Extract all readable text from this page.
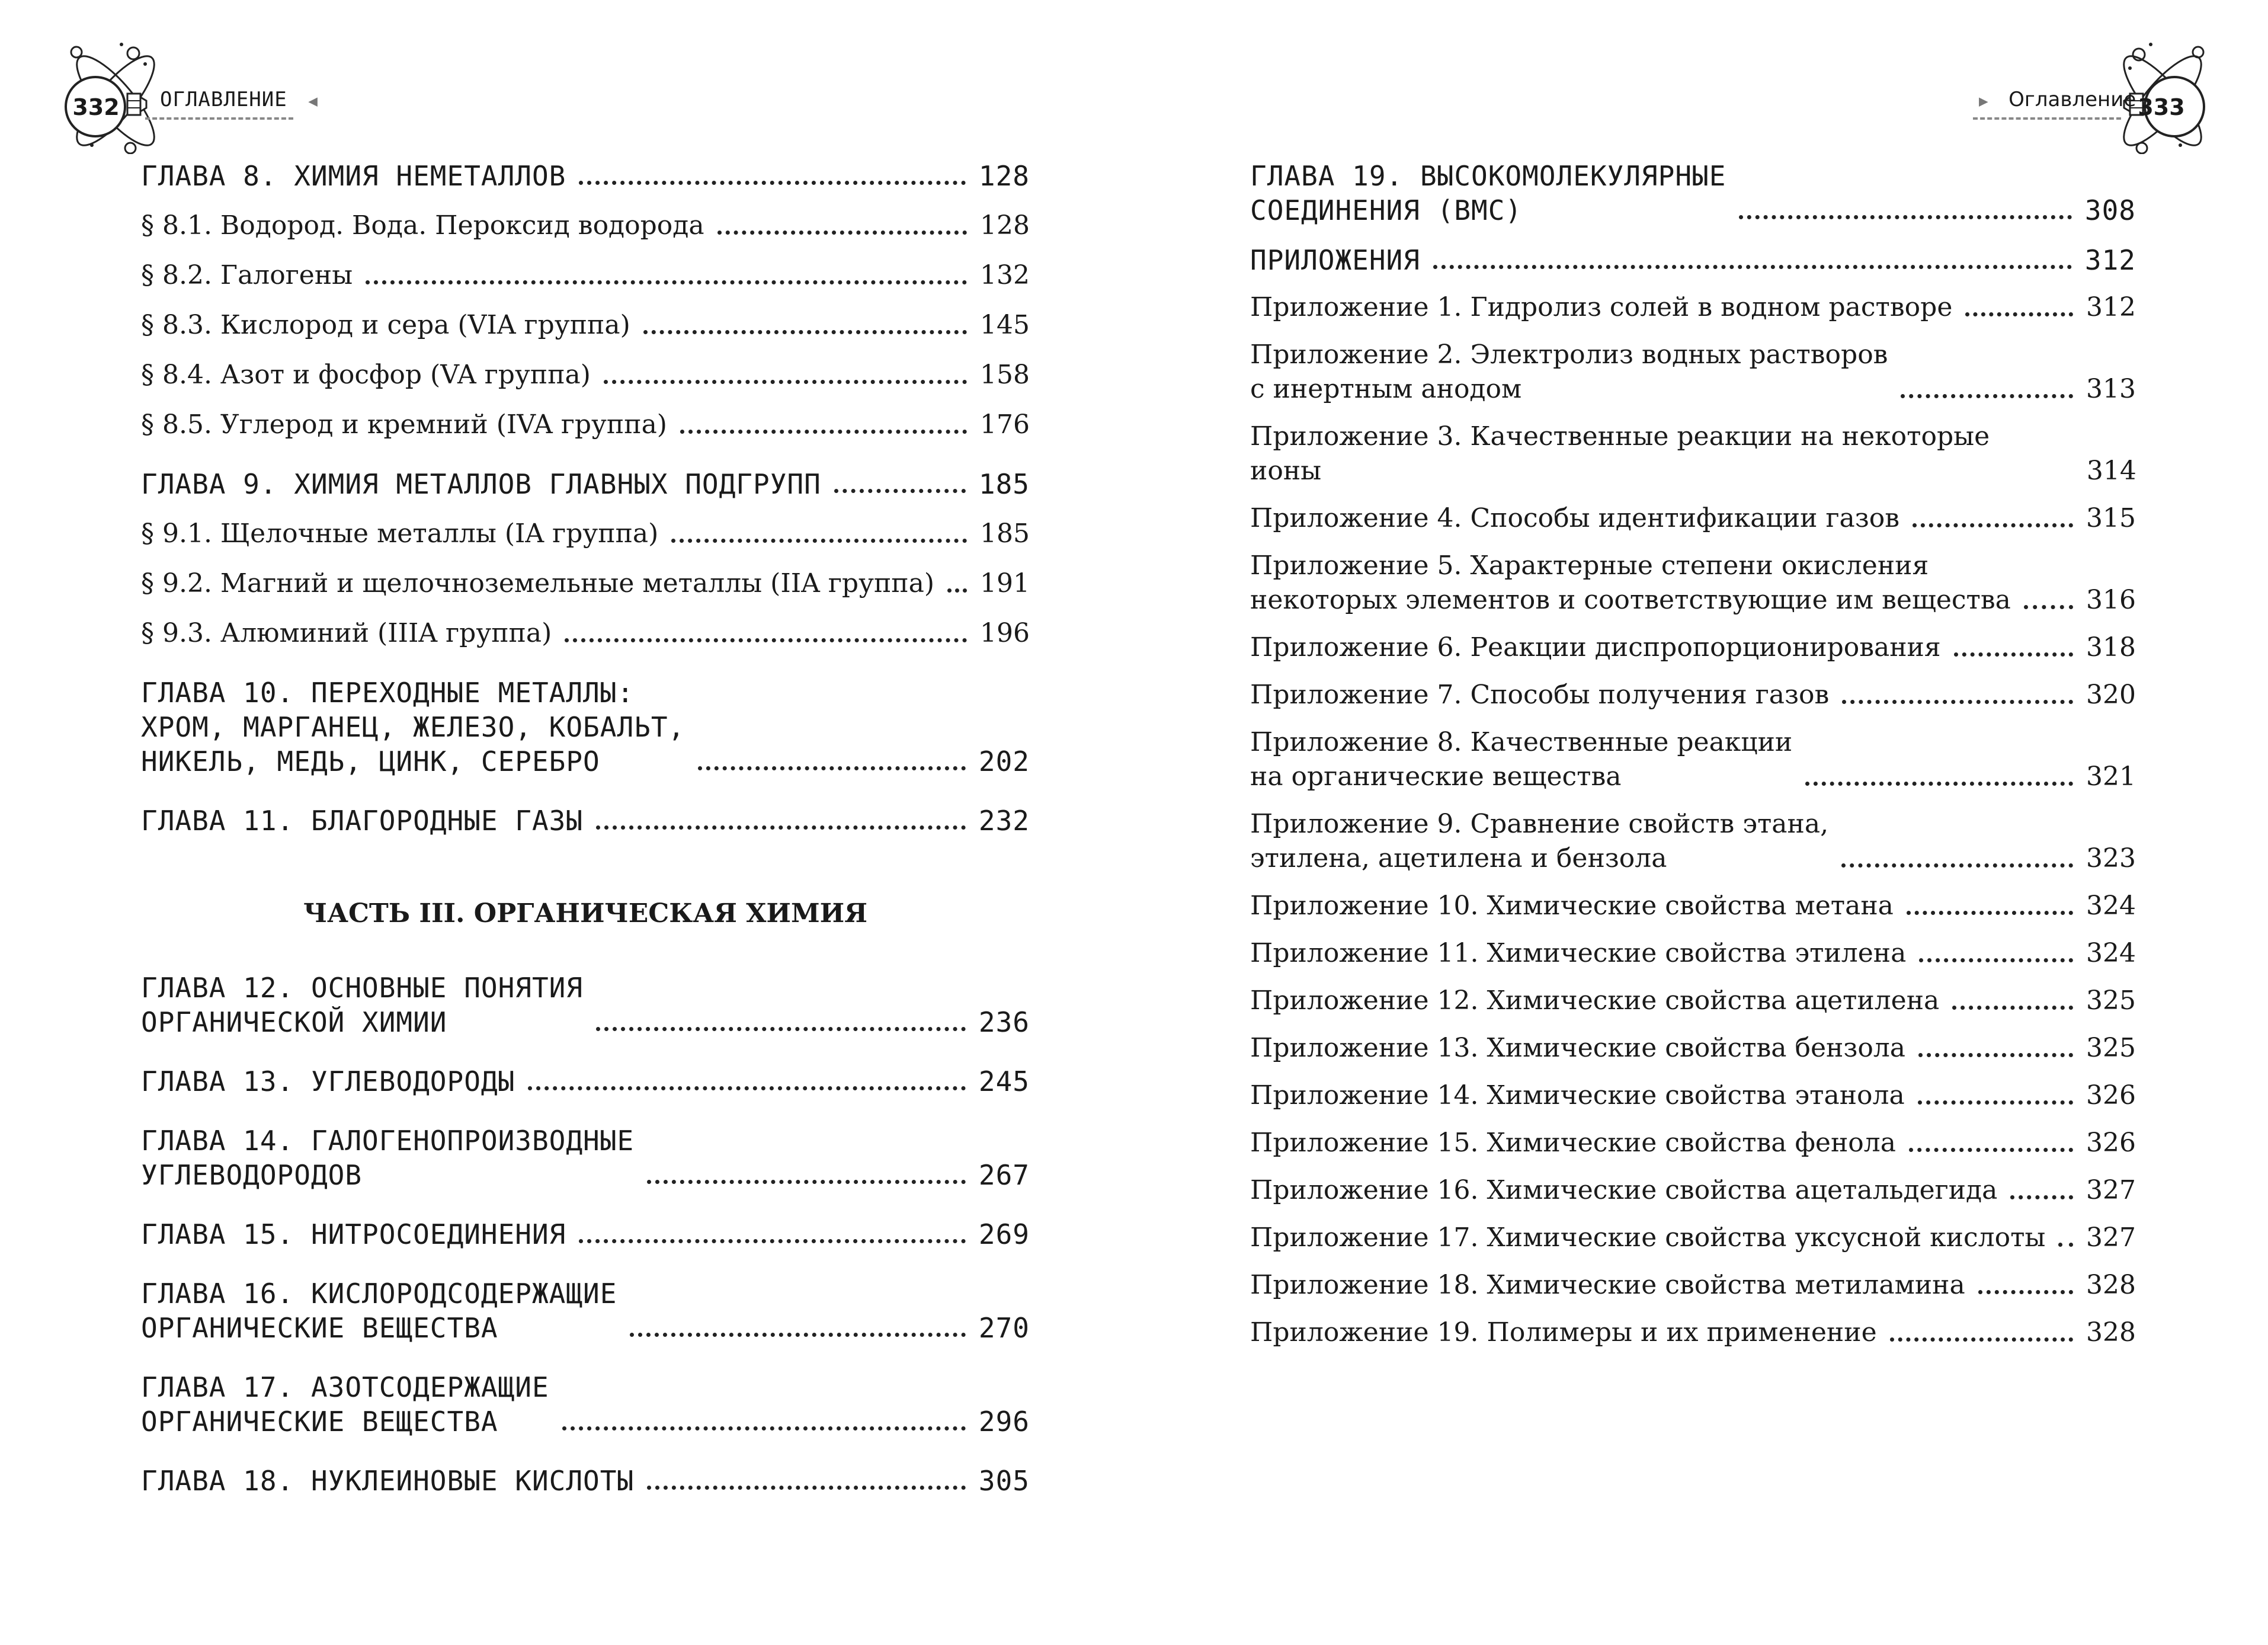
332 ОГЛАВЛЕНИЕ ◀	333
▶ Оглавление
ГЛАВА 8. ХИМИЯ НЕМЕТАЛЛОВ	128
§ 8.1. Водород. Вода. Пероксид водорода	128
§ 8.2. Галогены	132
§ 8.3. Кислород и сера (VIA группа)	145
§ 8.4. Азот и фосфор (VA группа)	158
§ 8.5. Углерод и кремний (IVA группа)	176
ГЛАВА 9. ХИМИЯ МЕТАЛЛОВ ГЛАВНЫХ ПОДГРУПП	185
§ 9.1. Щелочные металлы (IA группа)	185
§ 9.2. Магний и щелочноземельные металлы (IIA группа) 191
§ 9.3. Алюминий (IIIA группа)	196
ГЛАВА 10. ПЕРЕХОДНЫЕ МЕТАЛЛЫ:
ХРОМ, МАРГАНЕЦ, ЖЕЛЕЗО, КОБАЛЬТ,
НИКЕЛЬ, МЕДЬ, ЦИНК, СЕРЕБРО	202
ГЛАВА 11. БЛАГОРОДНЫЕ ГАЗЫ	232
ЧАСТЬ III. ОРГАНИЧЕСКАЯ ХИМИЯ
ГЛАВА 12. ОСНОВНЫЕ ПОНЯТИЯ
ОРГАНИЧЕСКОЙ ХИМИИ	236
ГЛАВА 13. УГЛЕВОДОРОДЫ	245
ГЛАВА 14. ГАЛОГЕНОПРОИЗВОДНЫЕ
УГЛЕВОДОРОДОВ	267
ГЛАВА 15. НИТРОСОЕДИНЕНИЯ	269
ГЛАВА 16. КИСЛОРОДСОДЕРЖАЩИЕ
ОРГАНИЧЕСКИЕ ВЕЩЕСТВА	270
ГЛАВА 17. АЗОТСОДЕРЖАЩИЕ
ОРГАНИЧЕСКИЕ ВЕЩЕСТВА	296
ГЛАВА 18. НУКЛЕИНОВЫЕ КИСЛОТЫ	305
ГЛАВА 19. ВЫСОКОМОЛЕКУЛЯРНЫЕ
СОЕДИНЕНИЯ (ВМС)	308
ПРИЛОЖЕНИЯ	312
Приложение 1. Гидролиз солей в водном растворе	312
Приложение 2. Электролиз водных растворов
с инертным анодом	313
Приложение 3. Качественные реакции на некоторые ионы	314
Приложение 4. Способы идентификации газов	315
Приложение 5. Характерные степени окисления
некоторых элементов и соответствующие им вещества	316
Приложение 6. Реакции диспропорционирования	318
Приложение 7. Способы получения газов	320
Приложение 8. Качественные реакции
на органические вещества	321
Приложение 9. Сравнение свойств этана,
этилена, ацетилена и бензола	323
Приложение 10. Химические свойства метана	324
Приложение 11. Химические свойства этилена	324
Приложение 12. Химические свойства ацетилена	325
Приложение 13. Химические свойства бензола	325
Приложение 14. Химические свойства этанола	326
Приложение 15. Химические свойства фенола	326
Приложение 16. Химические свойства ацетальдегида	327
Приложение 17. Химические свойства уксусной кислоты 327
Приложение 18. Химические свойства метиламина	328
Приложение 19. Полимеры и их применение	328
